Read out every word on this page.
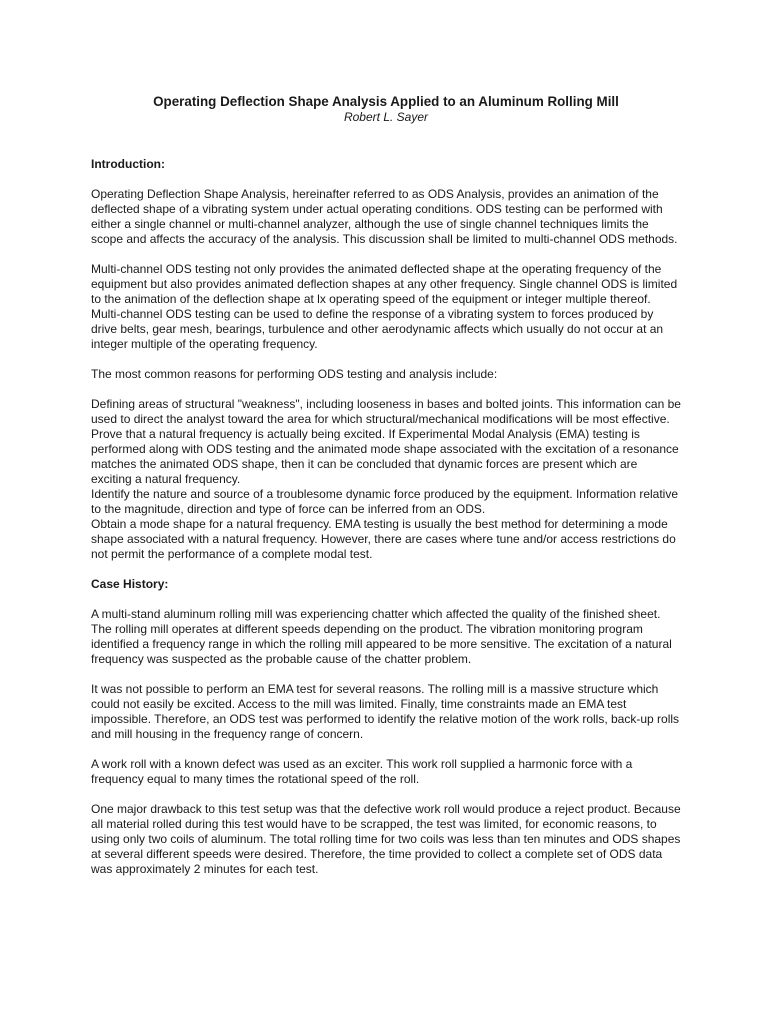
Operating Deflection Shape Analysis Applied to an Aluminum Rolling Mill

Robert L. Sayer

Introduction:

Operating Deflection Shape Analysis, hereinafter referred to as ODS Analysis, provides an animation of the deflected shape of a vibrating system under actual operating conditions. ODS testing can be performed with either a single channel or multi-channel analyzer, although the use of single channel techniques limits the scope and affects the accuracy of the analysis. This discussion shall be limited to multi-channel ODS methods.

Multi-channel ODS testing not only provides the animated deflected shape at the operating frequency of the equipment but also provides animated deflection shapes at any other frequency. Single channel ODS is limited to the animation of the deflection shape at lx operating speed of the equipment or integer multiple thereof. Multi-channel ODS testing can be used to define the response of a vibrating system to forces produced by drive belts, gear mesh, bearings, turbulence and other aerodynamic affects which usually do not occur at an integer multiple of the operating frequency.

The most common reasons for performing ODS testing and analysis include:

Defining areas of structural "weakness", including looseness in bases and bolted joints. This information can be used to direct the analyst toward the area for which structural/mechanical modifications will be most effective.

Prove that a natural frequency is actually being excited. If Experimental Modal Analysis (EMA) testing is performed along with ODS testing and the animated mode shape associated with the excitation of a resonance matches the animated ODS shape, then it can be concluded that dynamic forces are present which are exciting a natural frequency.

Identify the nature and source of a troublesome dynamic force produced by the equipment. Information relative to the magnitude, direction and type of force can be inferred from an ODS.

Obtain a mode shape for a natural frequency. EMA testing is usually the best method for determining a mode shape associated with a natural frequency. However, there are cases where tune and/or access restrictions do not permit the performance of a complete modal test.

Case History:

A multi-stand aluminum rolling mill was experiencing chatter which affected the quality of the finished sheet. The rolling mill operates at different speeds depending on the product. The vibration monitoring program identified a frequency range in which the rolling mill appeared to be more sensitive. The excitation of a natural frequency was suspected as the probable cause of the chatter problem.

It was not possible to perform an EMA test for several reasons. The rolling mill is a massive structure which could not easily be excited. Access to the mill was limited. Finally, time constraints made an EMA test impossible. Therefore, an ODS test was performed to identify the relative motion of the work rolls, back-up rolls and mill housing in the frequency range of concern.

A work roll with a known defect was used as an exciter. This work roll supplied a harmonic force with a frequency equal to many times the rotational speed of the roll.

One major drawback to this test setup was that the defective work roll would produce a reject product. Because all material rolled during this test would have to be scrapped, the test was limited, for economic reasons, to using only two coils of aluminum. The total rolling time for two coils was less than ten minutes and ODS shapes at several different speeds were desired. Therefore, the time provided to collect a complete set of ODS data was approximately 2 minutes for each test.
